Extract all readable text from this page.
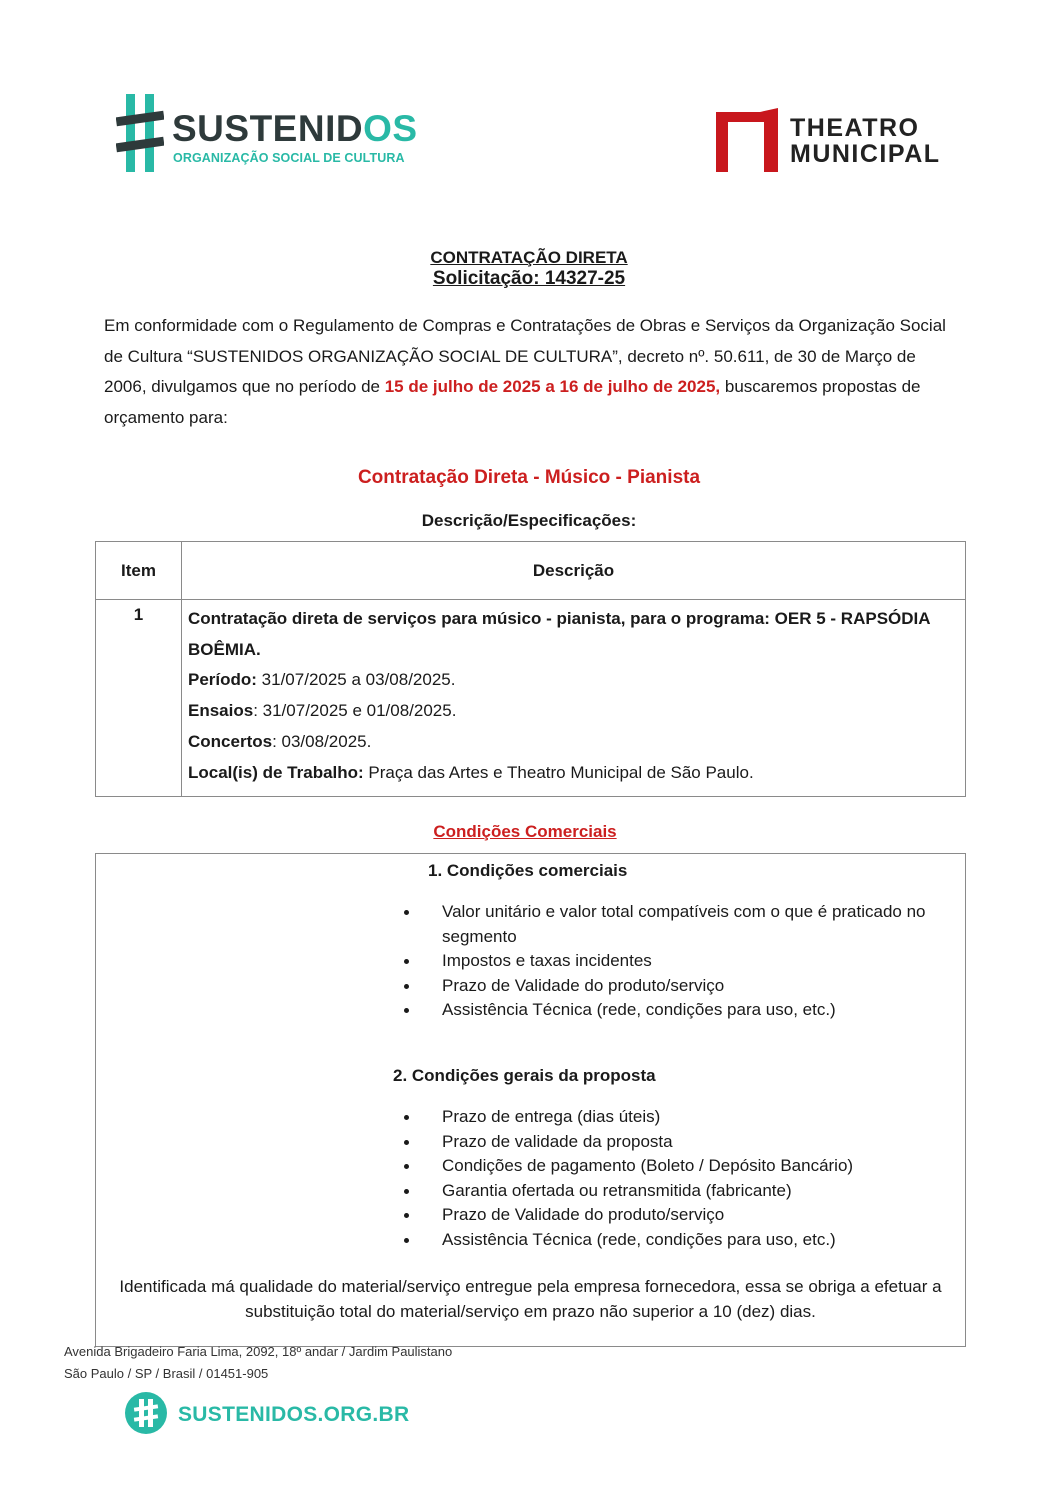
SUSTENIDOS
ORGANIZAÇÃO SOCIAL DE CULTURA
THEATRO
MUNICIPAL
CONTRATAÇÃO DIRETA
Solicitação: 14327-25
Em conformidade com o Regulamento de Compras e Contratações de Obras e Serviços da Organização Social de Cultura “SUSTENIDOS ORGANIZAÇÃO SOCIAL DE CULTURA”, decreto nº. 50.611, de 30 de Março de 2006, divulgamos que no período de 15 de julho de 2025 a 16 de julho de 2025, buscaremos propostas de orçamento para:
Contratação Direta - Músico - Pianista
Descrição/Especificações:
Item	Descrição
1	Contratação direta de serviços para músico - pianista, para o programa: OER 5 - RAPSÓDIA BOÊMIA.
Período: 31/07/2025 a 03/08/2025.
Ensaios: 31/07/2025 e 01/08/2025.
Concertos: 03/08/2025.
Local(is) de Trabalho: Praça das Artes e Theatro Municipal de São Paulo.
Condições Comerciais
1. Condições comerciais
Valor unitário e valor total compatíveis com o que é praticado no segmento
Impostos e taxas incidentes
Prazo de Validade do produto/serviço
Assistência Técnica (rede, condições para uso, etc.)
2. Condições gerais da proposta
Prazo de entrega (dias úteis)
Prazo de validade da proposta
Condições de pagamento (Boleto / Depósito Bancário)
Garantia ofertada ou retransmitida (fabricante)
Prazo de Validade do produto/serviço
Assistência Técnica (rede, condições para uso, etc.)
Identificada má qualidade do material/serviço entregue pela empresa fornecedora, essa se obriga a efetuar a substituição total do material/serviço em prazo não superior a 10 (dez) dias.
Avenida Brigadeiro Faria Lima, 2092, 18º andar / Jardim Paulistano
São Paulo / SP / Brasil / 01451-905
SUSTENIDOS.ORG.BR
